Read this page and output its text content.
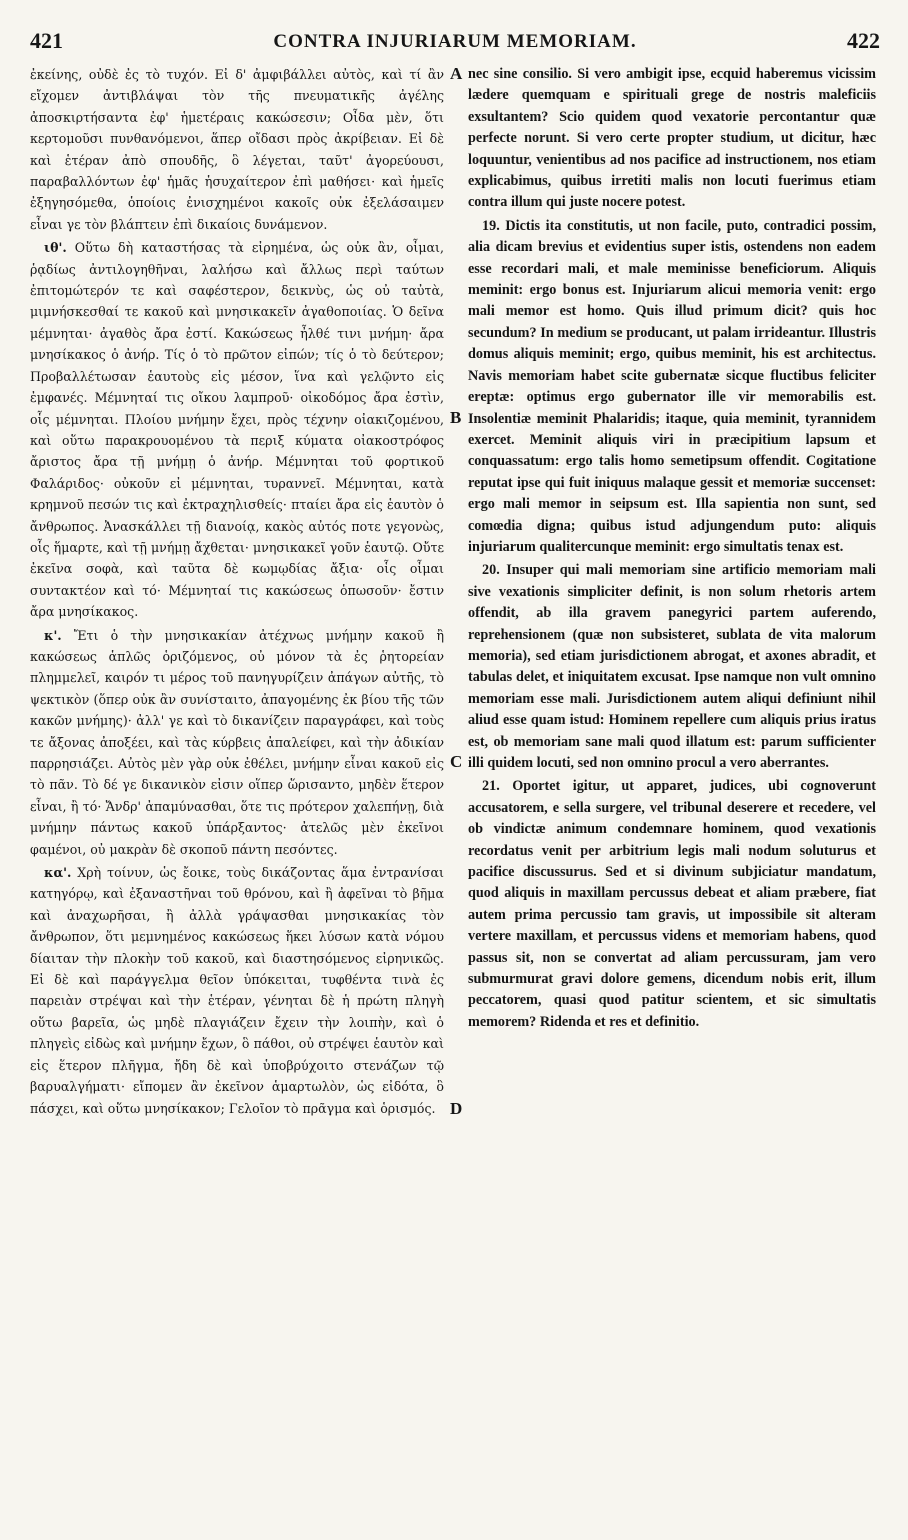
421	CONTRA INJURIARUM MEMORIAM.	422

ἐκείνης, οὐδὲ ἐς τὸ τυχόν. Εἰ δ' ἀμφιβάλλει αὐτὸς, καὶ τί ἂν εἴχομεν ἀντιβλάψαι τὸν τῆς πνευματικῆς ἀγέλης ἀποσκιρτήσαντα ἐφ' ἡμετέραις κακώσεσιν; Οἶδα μὲν, ὅτι κερτομοῦσι πυνθανόμενοι, ἅπερ οἴδασι πρὸς ἀκρίβειαν. Εἰ δὲ καὶ ἑτέραν ἀπὸ σπουδῆς, ὃ λέγεται, ταῦτ' ἀγορεύουσι, παραβαλλόντων ἐφ' ἡμᾶς ἡσυχαίτερον ἐπὶ μαθήσει· καὶ ἡμεῖς ἐξηγησόμεθα, ὁποίοις ἐνισχημένοι κακοῖς οὐκ ἐξελάσαιμεν εἶναι γε τὸν βλάπτειν ἐπὶ δικαίοις δυνάμενον.

ιθ'. Οὕτω δὴ καταστήσας τὰ εἰρημένα, ὡς οὐκ ἂν, οἶμαι, ῥᾳδίως ἀντιλογηθῆναι, λαλήσω καὶ ἄλλως περὶ ταύτων ἐπιτομώτερόν τε καὶ σαφέστερον, δεικνὺς, ὡς οὐ ταὐτὰ, μιμνήσκεσθαί τε κακοῦ καὶ μνησικακεῖν ἀγαθοποιίας. Ὁ δεῖνα μέμνηται· ἀγαθὸς ἄρα ἐστί. Κακώσεως ἦλθέ τινι μνήμη· ἄρα μνησίκακος ὁ ἀνήρ. Τίς ὁ τὸ πρῶτον εἰπών; τίς ὁ τὸ δεύτερον; Προβαλλέτωσαν ἑαυτοὺς εἰς μέσον, ἵνα καὶ γελῷντο εἰς ἐμφανές. Μέμνηταί τις οἴκου λαμπροῦ· οἰκοδόμος ἄρα ἐστὶν, οἷς μέμνηται. Πλοίου μνήμην ἔχει, πρὸς τέχνην οἰακιζομένου, καὶ οὕτω παρακρουομένου τὰ περιξ κύματα οἰακοστρόφος ἄριστος ἄρα τῇ μνήμῃ ὁ ἀνήρ. Μέμνηται τοῦ φορτικοῦ Φαλάριδος· οὐκοῦν εἰ μέμνηται, τυραννεῖ. Μέμνηται, κατὰ κρημνοῦ πεσών τις καὶ ἐκτραχηλισθείς· πταίει ἄρα εἰς ἑαυτὸν ὁ ἄνθρωπος. Ἀνασκάλλει τῇ διανοίᾳ, κακὸς αὐτός ποτε γεγονὼς, οἷς ἥμαρτε, καὶ τῇ μνήμῃ ἄχθεται· μνησικακεῖ γοῦν ἑαυτῷ. Οὔτε ἐκεῖνα σοφὰ, καὶ ταῦτα δὲ κωμῳδίας ἄξια· οἷς οἶμαι συντακτέον καὶ τό· Μέμνηταί τις κακώσεως ὁπωσοῦν· ἔστιν ἄρα μνησίκακος.

κ'. Ἔτι ὁ τὴν μνησικακίαν ἀτέχνως μνήμην κακοῦ ἢ κακώσεως ἁπλῶς ὁριζόμενος, οὐ μόνον τὰ ἐς ῥητορείαν πλημμελεῖ, καιρόν τι μέρος τοῦ πανηγυρίζειν ἀπάγων αὐτῆς, τὸ ψεκτικὸν (ὅπερ οὐκ ἂν συνίσταιτο, ἀπαγομένης ἐκ βίου τῆς τῶν κακῶν μνήμης)· ἀλλ' γε καὶ τὸ δικανίζειν παραγράφει, καὶ τοὺς τε ἄξονας ἀποξέει, καὶ τὰς κύρβεις ἀπαλείφει, καὶ τὴν ἀδικίαν παρρησιάζει. Αὐτὸς μὲν γὰρ οὐκ ἐθέλει, μνήμην εἶναι κακοῦ εἰς τὸ πᾶν. Τὸ δέ γε δικανικὸν εἰσιν οἵπερ ὥρισαντο, μηδὲν ἕτερον εἶναι, ἢ τό· Ἄνδρ' ἀπαμύνασθαι, ὅτε τις πρότερον χαλεπήνῃ, διὰ μνήμην πάντως κακοῦ ὑπάρξαντος· ἀτελῶς μὲν ἐκεῖνοι φαμένοι, οὐ μακρὰν δὲ σκοποῦ πάντη πεσόντες.

κα'. Χρὴ τοίνυν, ὡς ἔοικε, τοὺς δικάζοντας ἅμα ἐντρανίσαι κατηγόρῳ, καὶ ἐξαναστῆναι τοῦ θρόνου, καὶ ἢ ἀφεῖναι τὸ βῆμα καὶ ἀναχωρῆσαι, ἢ ἀλλὰ γράψασθαι μνησικακίας τὸν ἄνθρωπον, ὅτι μεμνημένος κακώσεως ἥκει λύσων κατὰ νόμου δίαιταν τὴν πλοκὴν τοῦ κακοῦ, καὶ διαστησόμενος εἰρηνικῶς. Εἰ δὲ καὶ παράγγελμα θεῖον ὑπόκειται, τυφθέντα τινὰ ἐς παρειὰν στρέψαι καὶ τὴν ἑτέραν, γένηται δὲ ἡ πρώτη πληγὴ οὕτω βαρεῖα, ὡς μηδὲ πλαγιάζειν ἔχειν τὴν λοιπὴν, καὶ ὁ πληγεὶς εἰδὼς καὶ μνήμην ἔχων, ὃ πάθοι, οὐ στρέψει ἑαυτὸν καὶ εἰς ἕτερον πλῆγμα, ἤδη δὲ καὶ ὑποβρύχοιτο στενάζων τῷ βαρυαλγήματι· εἴπομεν ἂν ἐκεῖνον ἁμαρτωλὸν, ὡς εἰδότα, ὃ πάσχει, καὶ οὕτω μνησίκακον; Γελοῖον τὸ πρᾶγμα καὶ ὁρισμός.

A
B
C
D

nec sine consilio. Si vero ambigit ipse, ecquid haberemus vicissim lædere quemquam e spirituali grege de nostris maleficiis exsultantem? Scio quidem quod vexatorie percontantur quæ perfecte norunt. Si vero certe propter studium, ut dicitur, hæc loquuntur, venientibus ad nos pacifice ad instructionem, nos etiam explicabimus, quibus irretiti malis non locuti fuerimus etiam contra illum qui juste nocere potest.

19. Dictis ita constitutis, ut non facile, puto, contradici possim, alia dicam brevius et evidentius super istis, ostendens non eadem esse recordari mali, et male meminisse beneficiorum. Aliquis meminit: ergo bonus est. Injuriarum alicui memoria venit: ergo mali memor est homo. Quis illud primum dicit? quis hoc secundum? In medium se producant, ut palam irrideantur. Illustris domus aliquis meminit; ergo, quibus meminit, his est architectus. Navis memoriam habet scite gubernatæ sicque fluctibus feliciter ereptæ: optimus ergo gubernator ille vir memorabilis est. Insolentiæ meminit Phalaridis; itaque, quia meminit, tyrannidem exercet. Meminit aliquis viri in præcipitium lapsum et conquassatum: ergo talis homo semetipsum offendit. Cogitatione reputat ipse qui fuit iniquus malaque gessit et memoriæ succenset: ergo mali memor in seipsum est. Illa sapientia non sunt, sed comœdia digna; quibus istud adjungendum puto: aliquis injuriarum qualitercunque meminit: ergo simultatis tenax est.

20. Insuper qui mali memoriam sine artificio memoriam mali sive vexationis simpliciter definit, is non solum rhetoris artem offendit, ab illa gravem panegyrici partem auferendo, reprehensionem (quæ non subsisteret, sublata de vita malorum memoria), sed etiam jurisdictionem abrogat, et axones abradit, et tabulas delet, et iniquitatem excusat. Ipse namque non vult omnino memoriam esse mali. Jurisdictionem autem aliqui definiunt nihil aliud esse quam istud: Hominem repellere cum aliquis prius iratus est, ob memoriam sane mali quod illatum est: parum sufficienter illi quidem locuti, sed non omnino procul a vero aberrantes.

21. Oportet igitur, ut apparet, judices, ubi cognoverunt accusatorem, e sella surgere, vel tribunal deserere et recedere, vel ob vindictæ animum condemnare hominem, quod vexationis recordatus venit per arbitrium legis mali nodum soluturus et pacifice discussurus. Sed et si divinum subjiciatur mandatum, quod aliquis in maxillam percussus debeat et aliam præbere, fiat autem prima percussio tam gravis, ut impossibile sit alteram vertere maxillam, et percussus videns et memoriam habens, quod passus sit, non se convertat ad aliam percussuram, jam vero submurmurat gravi dolore gemens, dicendum nobis erit, illum peccatorem, quasi quod patitur scientem, et sic simultatis memorem? Ridenda et res et definitio.
